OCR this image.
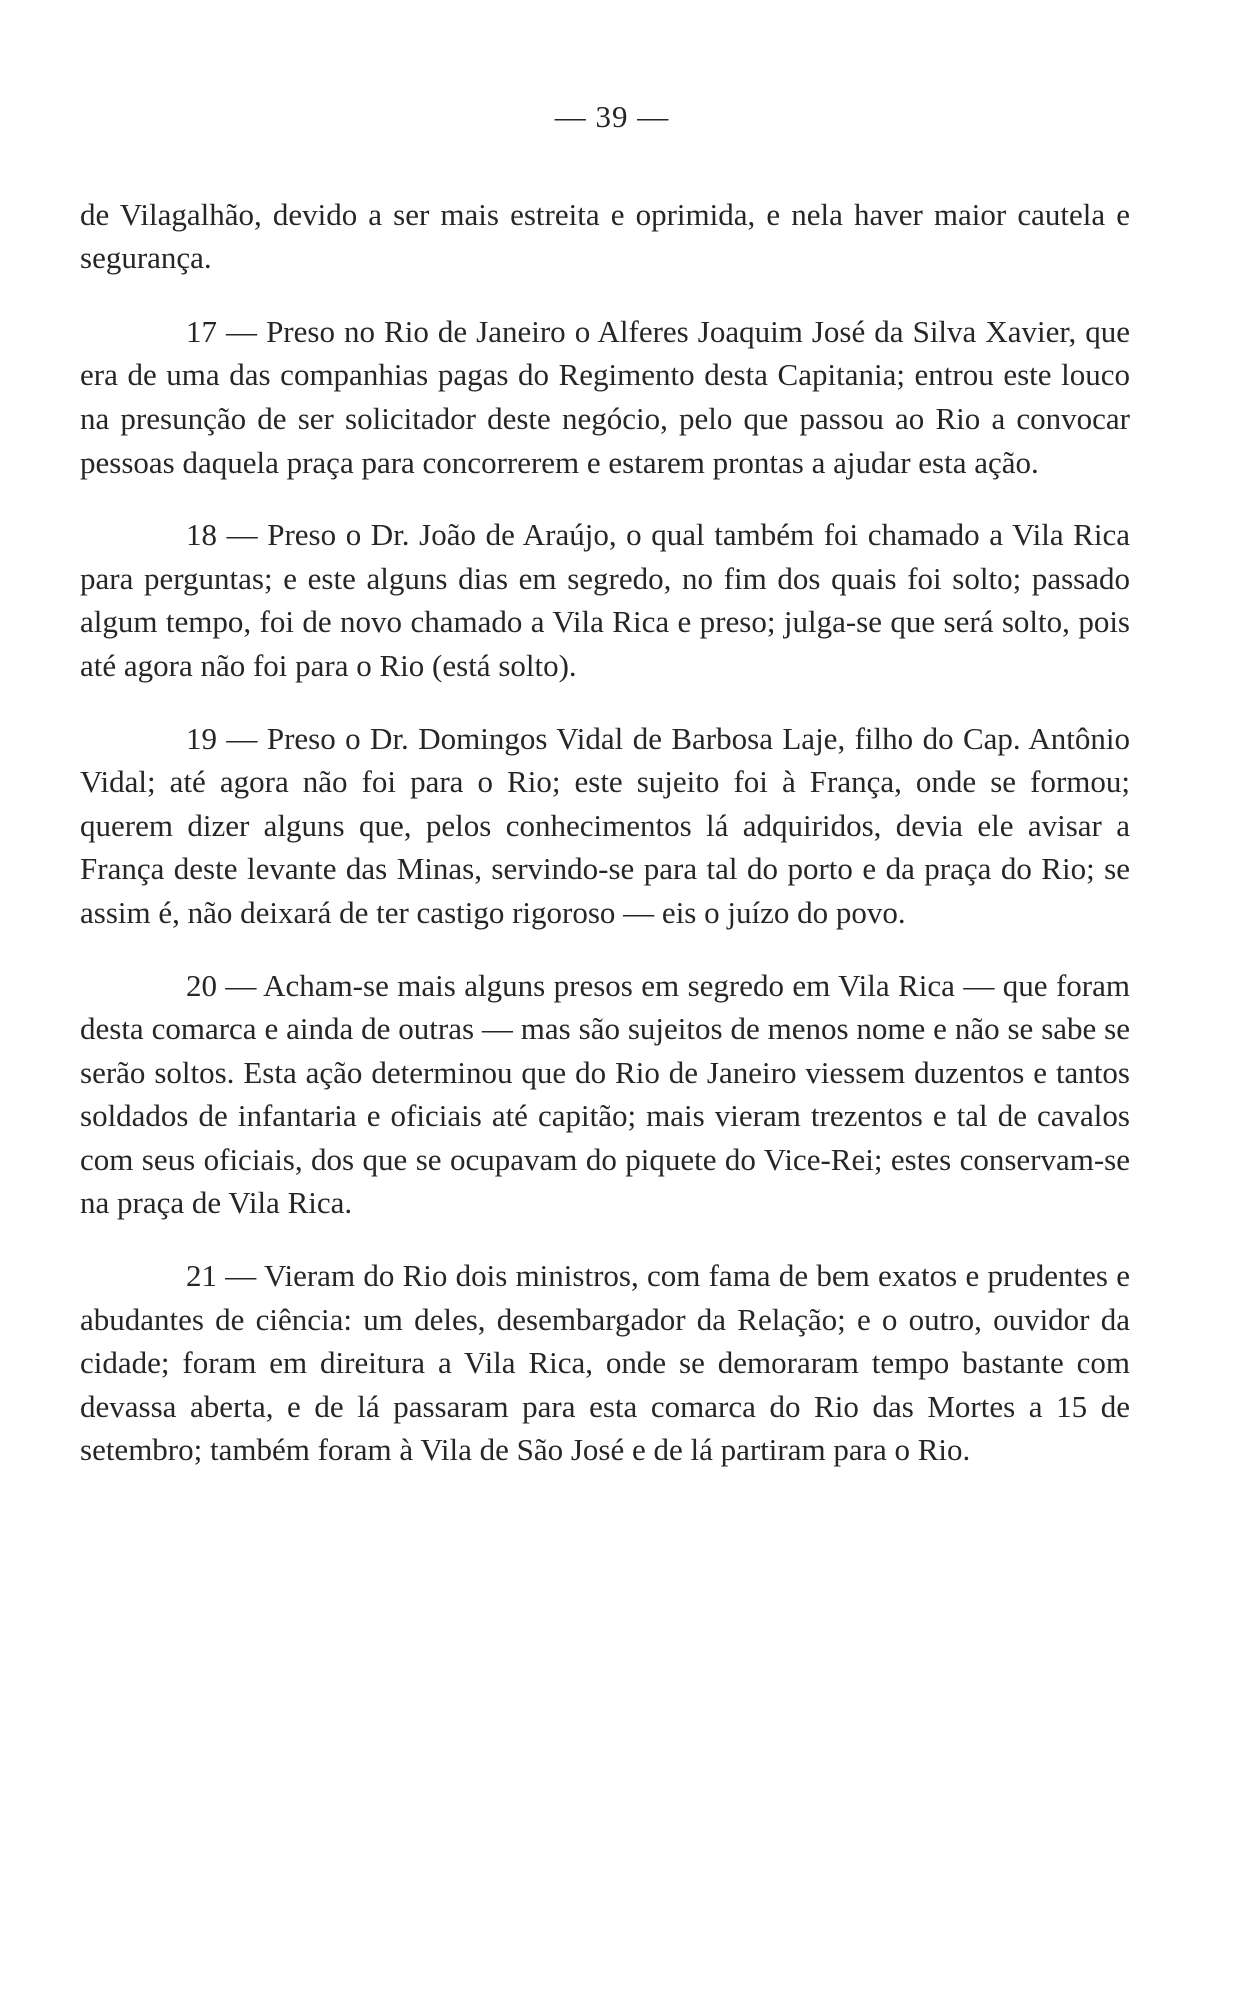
— 39 —

de Vilagalhão, devido a ser mais estreita e oprimida, e nela haver maior cautela e segurança.

17 — Preso no Rio de Janeiro o Alferes Joaquim José da Silva Xavier, que era de uma das companhias pagas do Regimento desta Capitania; entrou este louco na presunção de ser solicitador deste negócio, pelo que passou ao Rio a convocar pessoas daquela praça para concorrerem e estarem prontas a ajudar esta ação.

18 — Preso o Dr. João de Araújo, o qual também foi chamado a Vila Rica para perguntas; e este alguns dias em segredo, no fim dos quais foi solto; passado algum tempo, foi de novo chamado a Vila Rica e preso; julga-se que será solto, pois até agora não foi para o Rio (está solto).

19 — Preso o Dr. Domingos Vidal de Barbosa Laje, filho do Cap. Antônio Vidal; até agora não foi para o Rio; este sujeito foi à França, onde se formou; querem dizer alguns que, pelos conhecimentos lá adquiridos, devia ele avisar a França deste levante das Minas, servindo-se para tal do porto e da praça do Rio; se assim é, não deixará de ter castigo rigoroso — eis o juízo do povo.

20 — Acham-se mais alguns presos em segredo em Vila Rica — que foram desta comarca e ainda de outras — mas são sujeitos de menos nome e não se sabe se serão soltos. Esta ação determinou que do Rio de Janeiro viessem duzentos e tantos soldados de infantaria e oficiais até capitão; mais vieram trezentos e tal de cavalos com seus oficiais, dos que se ocupavam do piquete do Vice-Rei; estes conservam-se na praça de Vila Rica.

21 — Vieram do Rio dois ministros, com fama de bem exatos e prudentes e abudantes de ciência: um deles, desembargador da Relação; e o outro, ouvidor da cidade; foram em direitura a Vila Rica, onde se demoraram tempo bastante com devassa aberta, e de lá passaram para esta comarca do Rio das Mortes a 15 de setembro; também foram à Vila de São José e de lá partiram para o Rio.
